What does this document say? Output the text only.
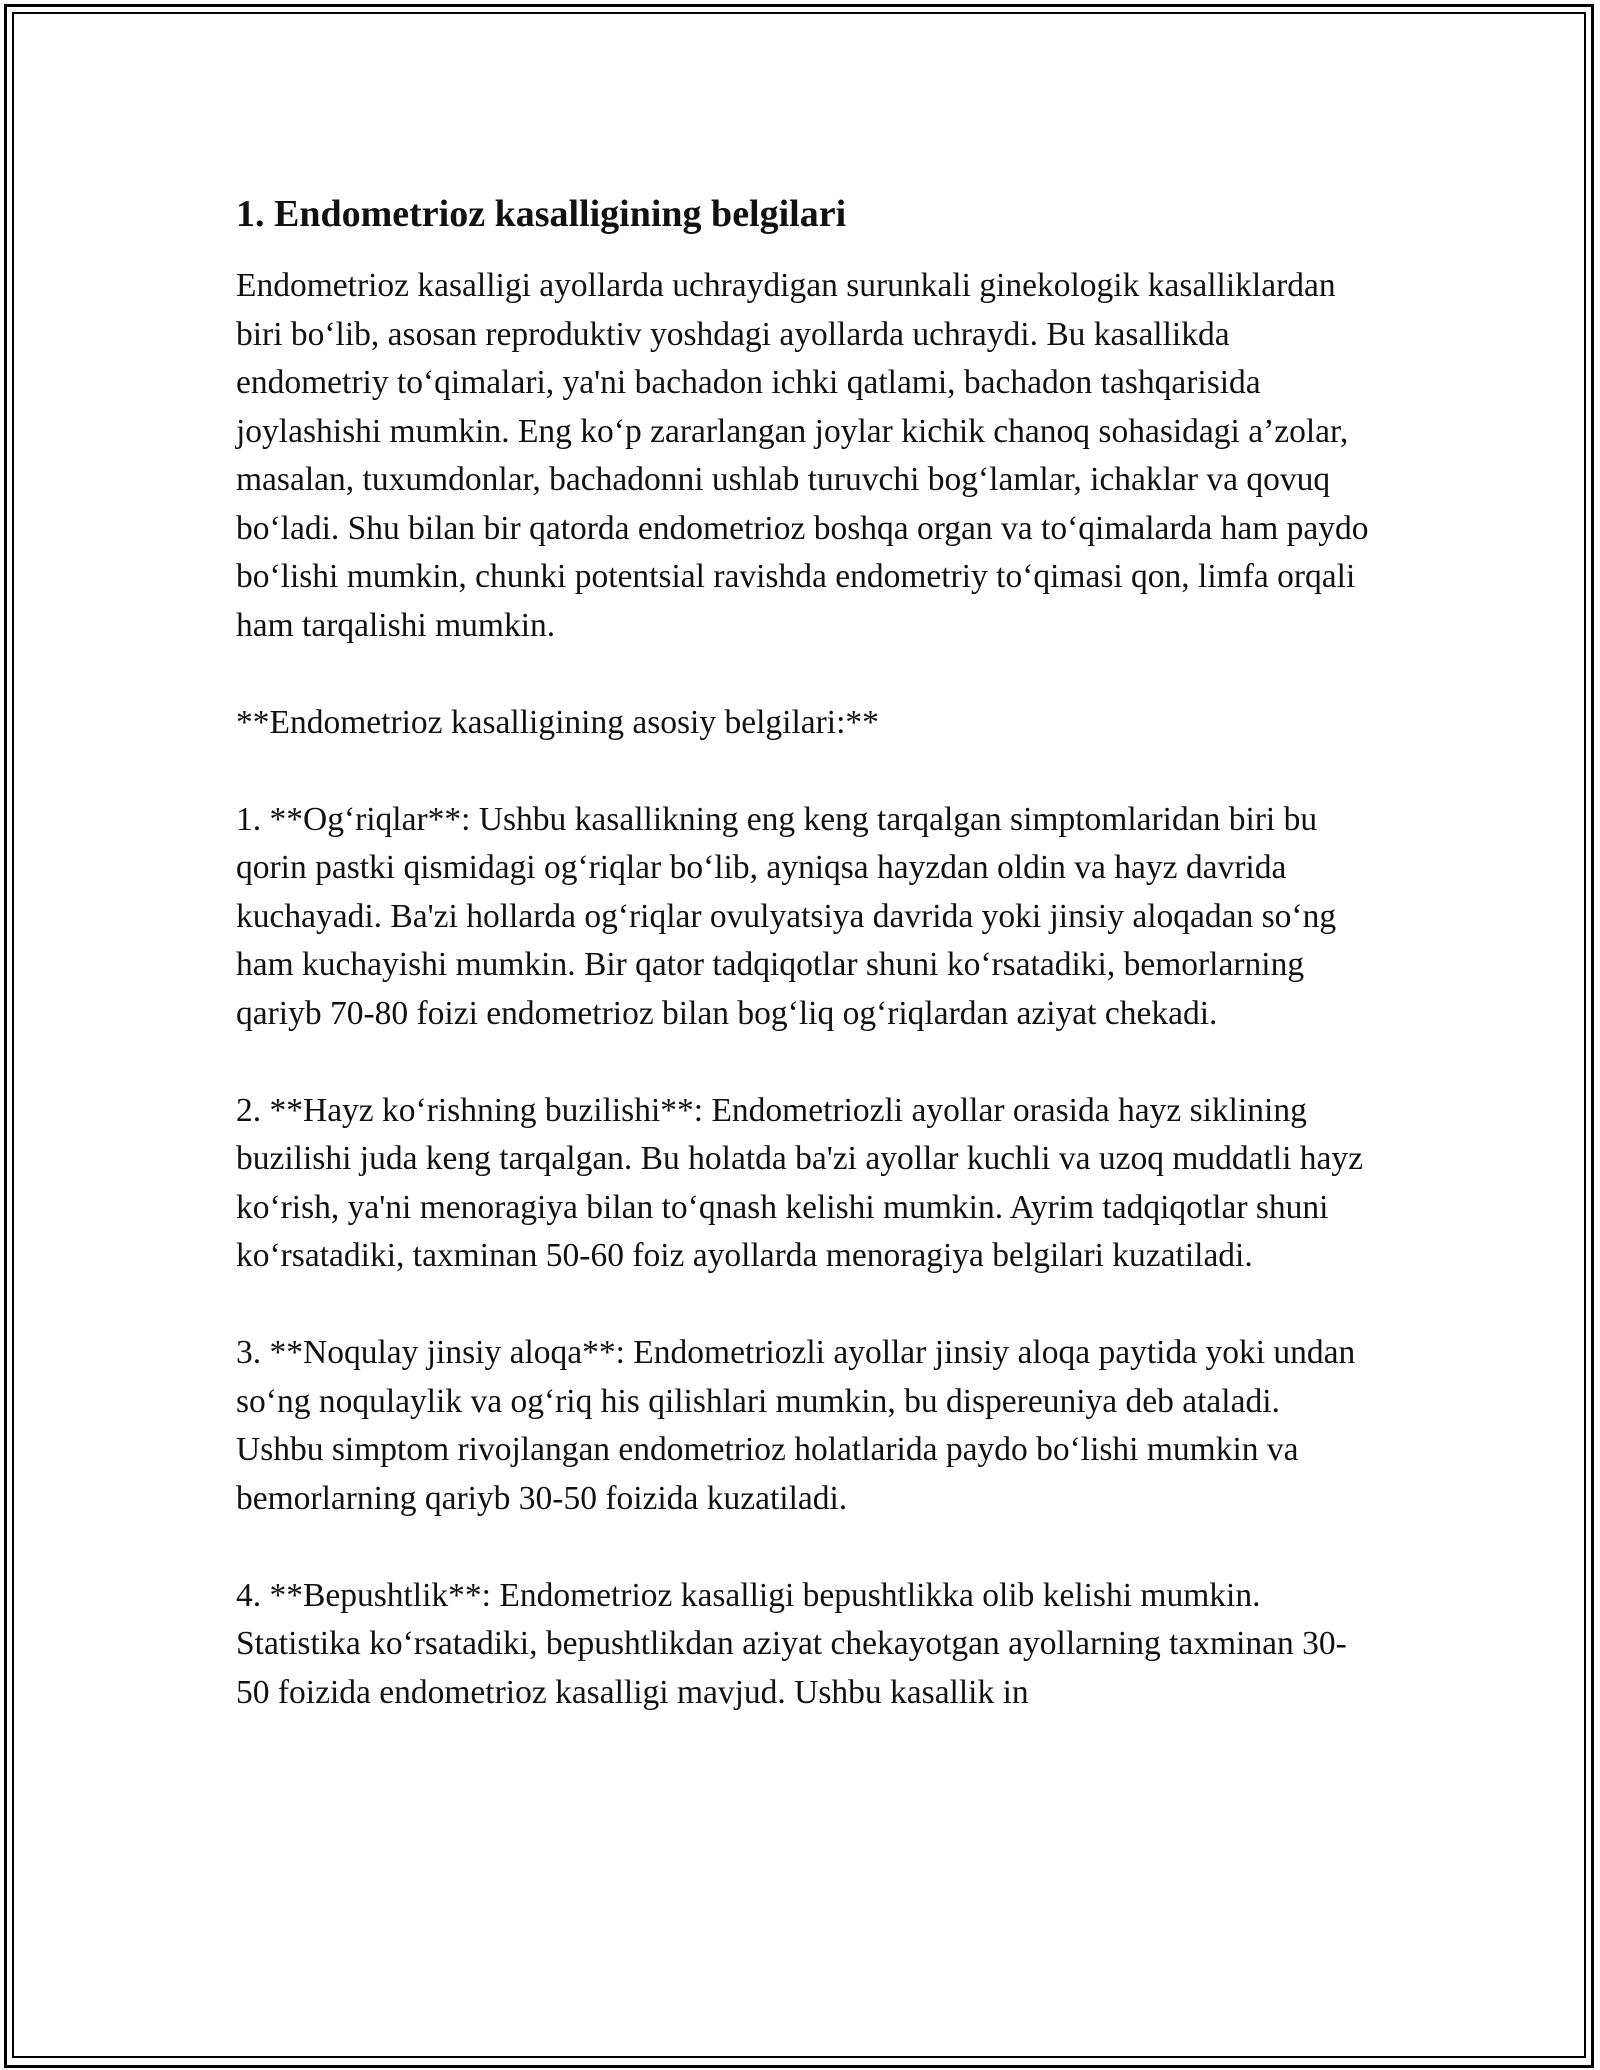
1. Endometrioz kasalligining belgilari

Endometrioz kasalligi ayollarda uchraydigan surunkali ginekologik kasalliklardan biri bo‘lib, asosan reproduktiv yoshdagi ayollarda uchraydi. Bu kasallikda endometriy to‘qimalari, ya'ni bachadon ichki qatlami, bachadon tashqarisida joylashishi mumkin. Eng ko‘p zararlangan joylar kichik chanoq sohasidagi a’zolar, masalan, tuxumdonlar, bachadonni ushlab turuvchi bog‘lamlar, ichaklar va qovuq bo‘ladi. Shu bilan bir qatorda endometrioz boshqa organ va to‘qimalarda ham paydo bo‘lishi mumkin, chunki potentsial ravishda endometriy to‘qimasi qon, limfa orqali ham tarqalishi mumkin.

**Endometrioz kasalligining asosiy belgilari:**

1. **Og‘riqlar**: Ushbu kasallikning eng keng tarqalgan simptomlaridan biri bu qorin pastki qismidagi og‘riqlar bo‘lib, ayniqsa hayzdan oldin va hayz davrida kuchayadi. Ba'zi hollarda og‘riqlar ovulyatsiya davrida yoki jinsiy aloqadan so‘ng ham kuchayishi mumkin. Bir qator tadqiqotlar shuni ko‘rsatadiki, bemorlarning qariyb 70-80 foizi endometrioz bilan bog‘liq og‘riqlardan aziyat chekadi.

2. **Hayz ko‘rishning buzilishi**: Endometriozli ayollar orasida hayz siklining buzilishi juda keng tarqalgan. Bu holatda ba'zi ayollar kuchli va uzoq muddatli hayz ko‘rish, ya'ni menoragiya bilan to‘qnash kelishi mumkin. Ayrim tadqiqotlar shuni ko‘rsatadiki, taxminan 50-60 foiz ayollarda menoragiya belgilari kuzatiladi.

3. **Noqulay jinsiy aloqa**: Endometriozli ayollar jinsiy aloqa paytida yoki undan so‘ng noqulaylik va og‘riq his qilishlari mumkin, bu dispereuniya deb ataladi. Ushbu simptom rivojlangan endometrioz holatlarida paydo bo‘lishi mumkin va bemorlarning qariyb 30-50 foizida kuzatiladi.

4. **Bepushtlik**: Endometrioz kasalligi bepushtlikka olib kelishi mumkin. Statistika ko‘rsatadiki, bepushtlikdan aziyat chekayotgan ayollarning taxminan 30-50 foizida endometrioz kasalligi mavjud. Ushbu kasallik in
